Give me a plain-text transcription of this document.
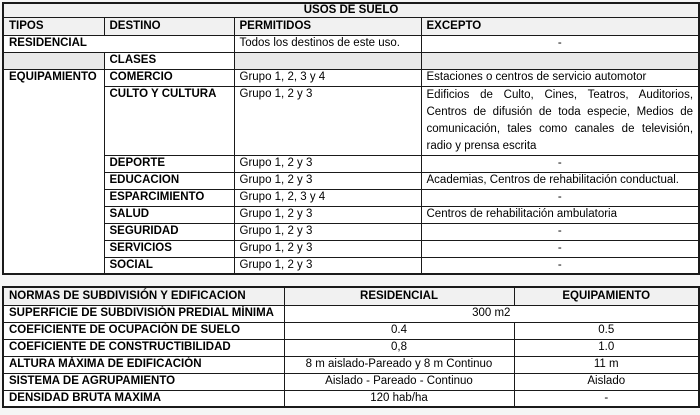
USOS DE SUELO			
TIPOS	DESTINO	PERMITIDOS	EXCEPTO
RESIDENCIAL		Todos los destinos de este uso.	-
	CLASES		
EQUIPAMIENTO	COMERCIO	Grupo 1, 2, 3 y 4	Estaciones o centros de servicio automotor
	CULTO Y CULTURA	Grupo 1, 2 y 3	Edificios de Culto, Cines, Teatros, Auditorios, Centros de difusión de toda especie, Medios de comunicación, tales como canales de televisión, radio y prensa escrita
	DEPORTE	Grupo 1, 2 y 3	-
	EDUCACION	Grupo 1, 2 y 3	Academias, Centros de rehabilitación conductual.
	ESPARCIMIENTO	Grupo 1, 2, 3 y 4	-
	SALUD	Grupo 1, 2 y 3	Centros de rehabilitación ambulatoria
	SEGURIDAD	Grupo 1, 2 y 3	-
	SERVICIOS	Grupo 1, 2 y 3	-
	SOCIAL	Grupo 1, 2 y 3	-
NORMAS DE SUBDIVISIÓN Y EDIFICACION	RESIDENCIAL	EQUIPAMIENTO
SUPERFICIE DE SUBDIVISIÓN PREDIAL MÍNIMA	300 m2	
COEFICIENTE DE OCUPACIÓN DE SUELO	0.4	0.5
COEFICIENTE DE CONSTRUCTIBILIDAD	0,8	1.0
ALTURA MÁXIMA DE EDIFICACIÓN	8 m aislado-Pareado y 8 m Continuo	11 m
SISTEMA DE AGRUPAMIENTO	Aislado - Pareado - Continuo	Aislado
DENSIDAD BRUTA MAXIMA	120 hab/ha	-
